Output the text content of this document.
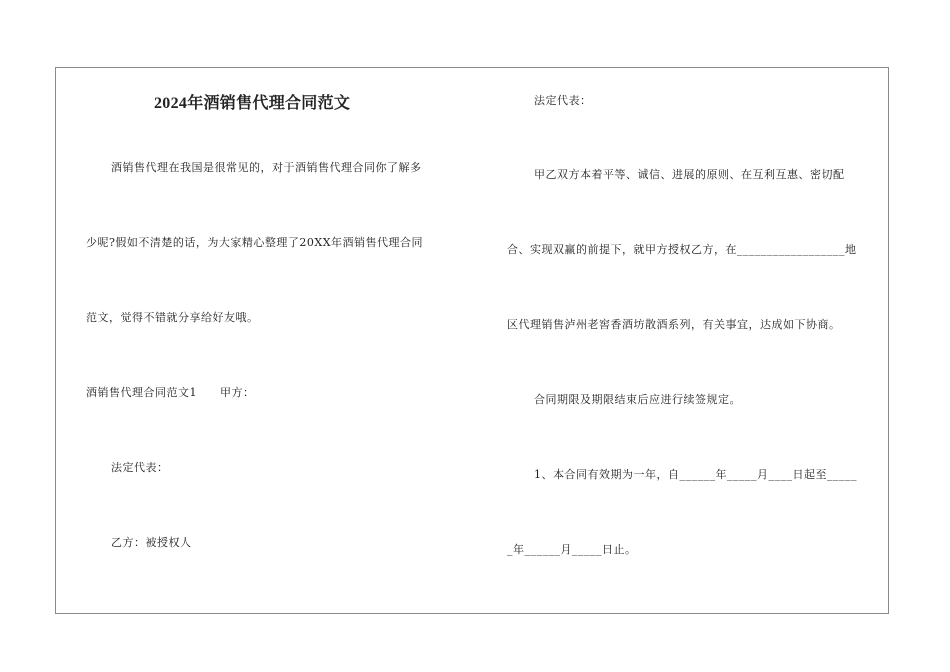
2024年酒销售代理合同范文
酒销售代理在我国是很常见的，对于酒销售代理合同你了解多
少呢?假如不清楚的话，为大家精心整理了20XX年酒销售代理合同
范文，觉得不错就分享给好友哦。
酒销售代理合同范文1　　甲方：
法定代表：
乙方：被授权人
法定代表：
甲乙双方本着平等、诚信、进展的原则、在互利互惠、密切配
合、实现双赢的前提下，就甲方授权乙方，在__________________地
区代理销售泸州老窖香酒坊散酒系列，有关事宜，达成如下协商。
合同期限及期限结束后应进行续签规定。
1、本合同有效期为一年，自______年_____月____日起至_____
_年______月_____日止。
